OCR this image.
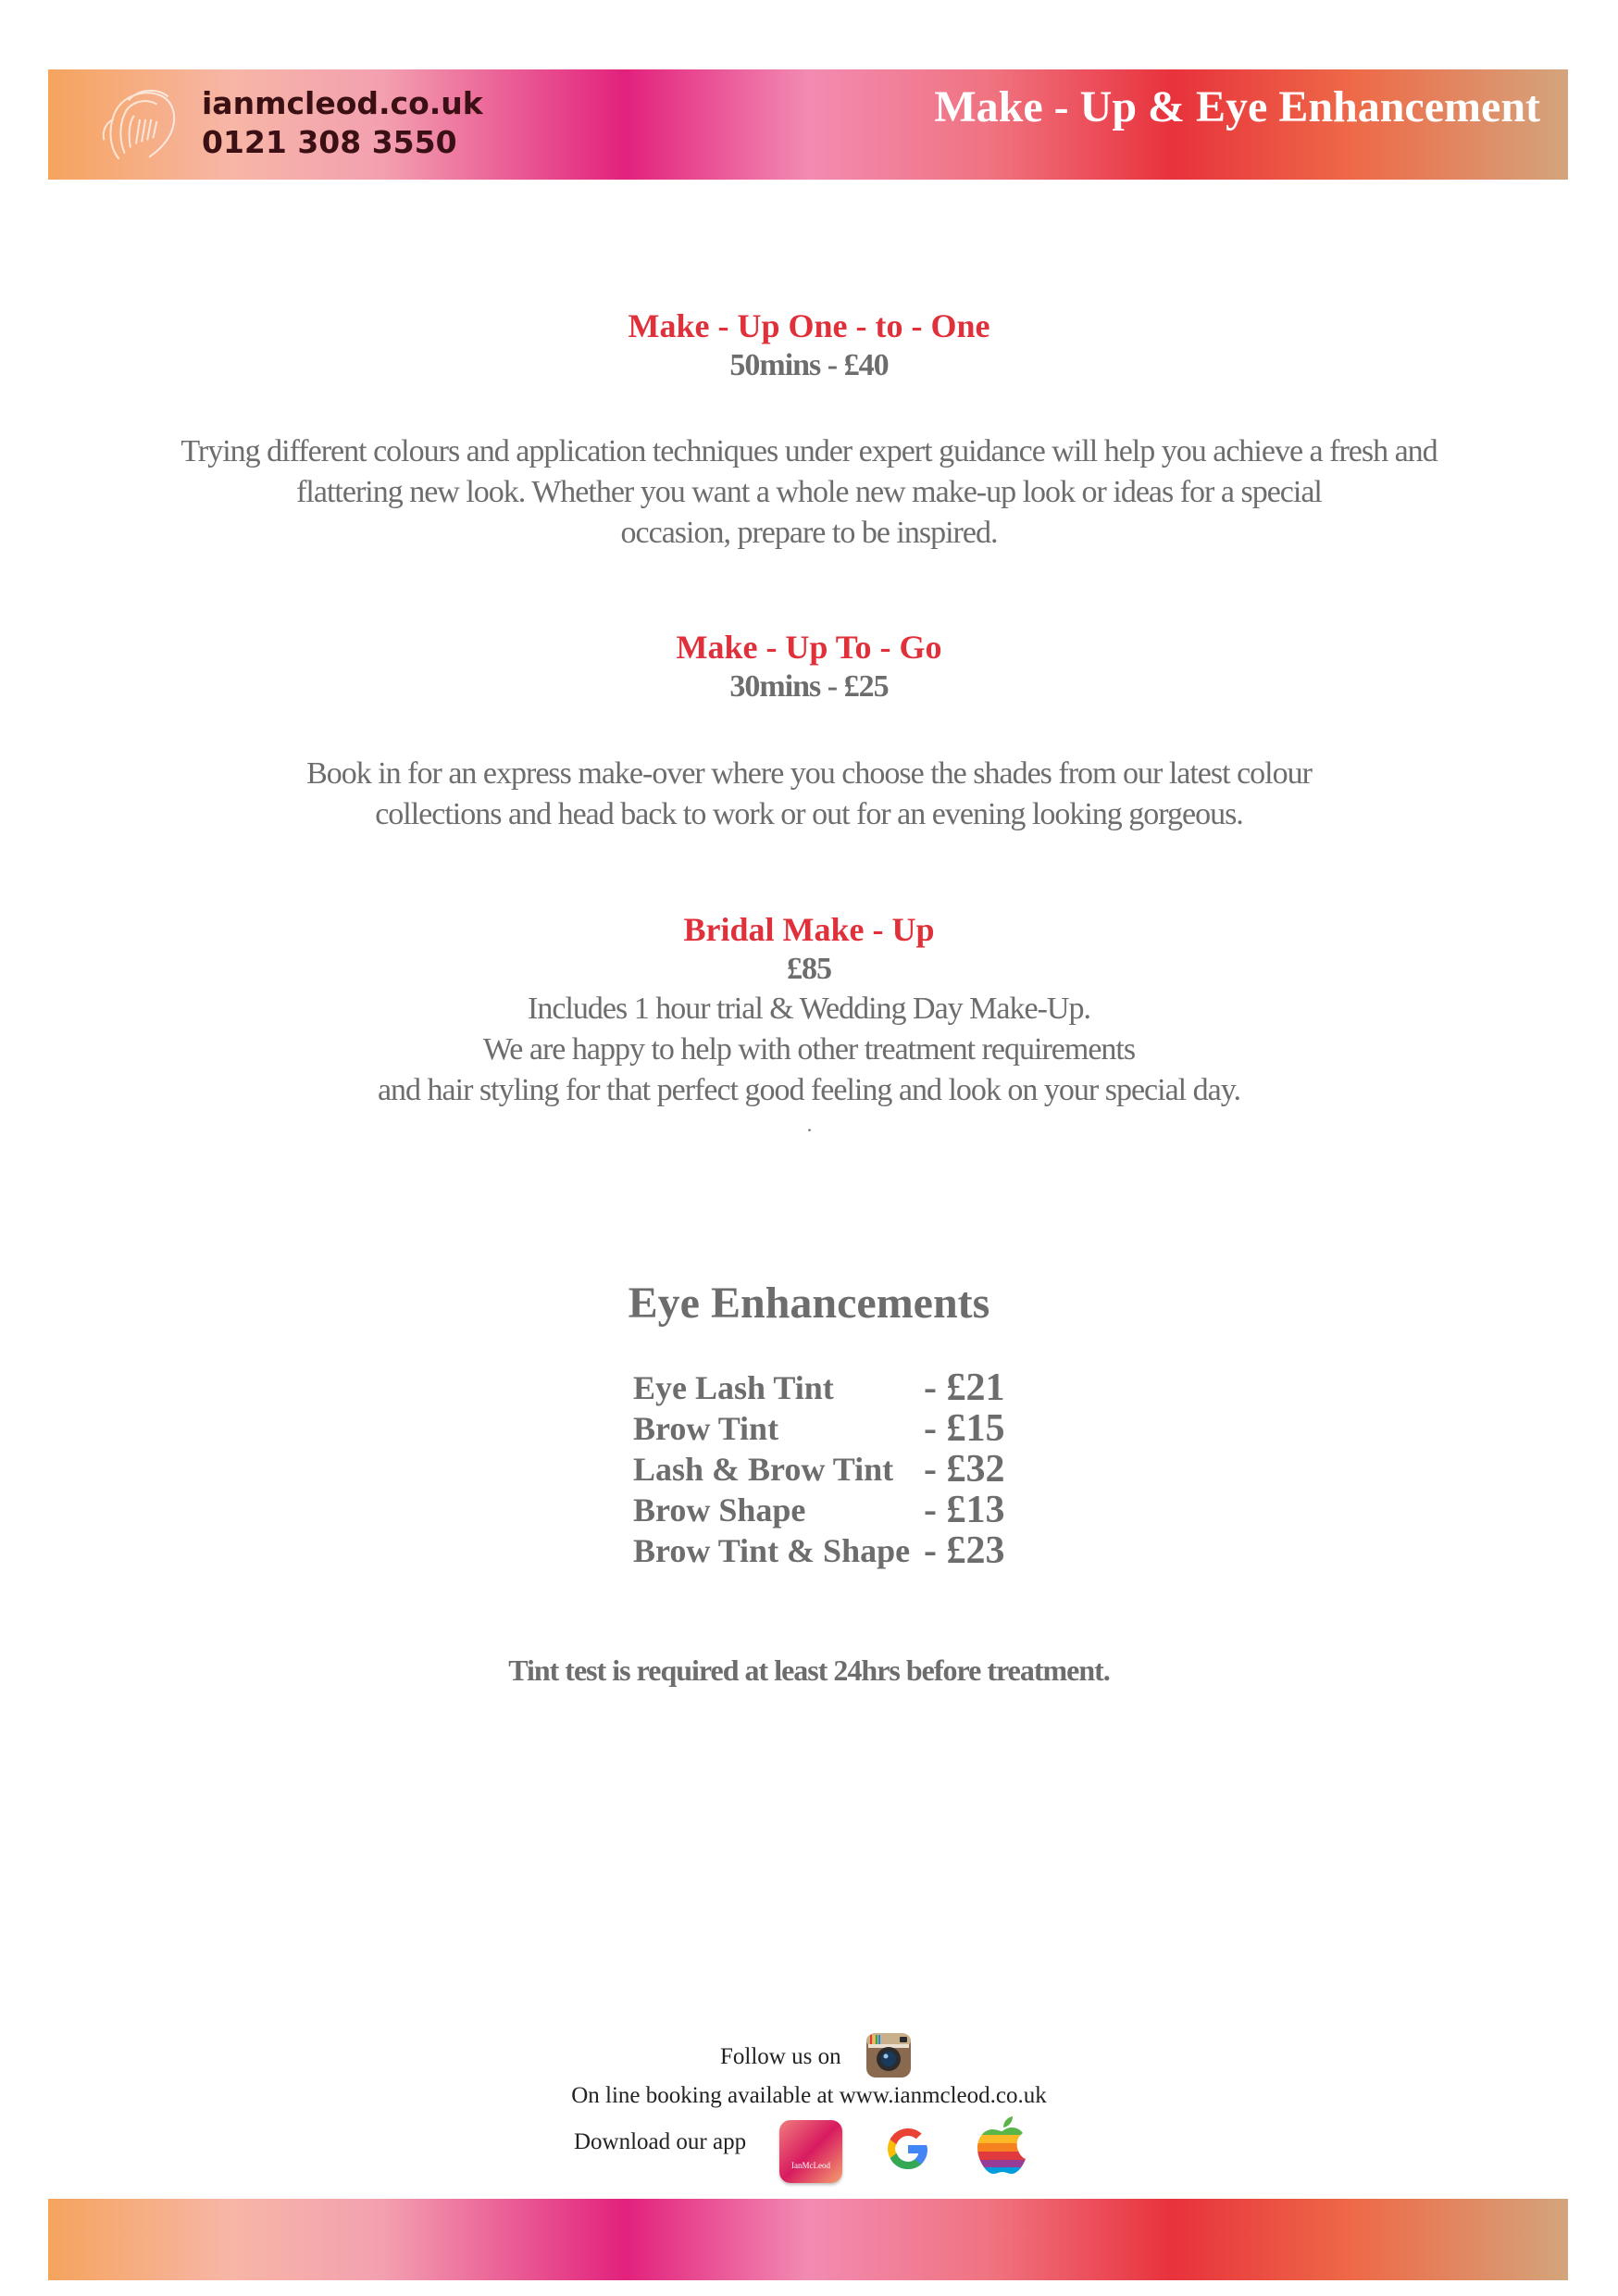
ianmcleod.co.uk
0121 308 3550
Make - Up & Eye Enhancement
Make - Up One - to - One
50mins - £40
Trying different colours and application techniques under expert guidance will help you achieve a fresh and
flattering new look. Whether you want a whole new make-up look or ideas for a special
occasion, prepare to be inspired.
Make - Up To - Go
30mins - £25
Book in for an express make-over where you choose the shades from our latest colour
collections and head back to work or out for an evening looking gorgeous.
Bridal Make - Up
£85
Includes 1 hour trial & Wedding Day Make-Up.
We are happy to help with other treatment requirements
and hair styling for that perfect good feeling and look on your special day.
.
Eye Enhancements
Eye Lash Tint	- £21
Brow Tint	- £15
Lash & Brow Tint - £32
Brow Shape	- £13
Brow Tint & Shape - £23
Tint test is required at least 24hrs before treatment.
Follow us on
On line booking available at www.ianmcleod.co.uk
Download our app
IanMcLeod
